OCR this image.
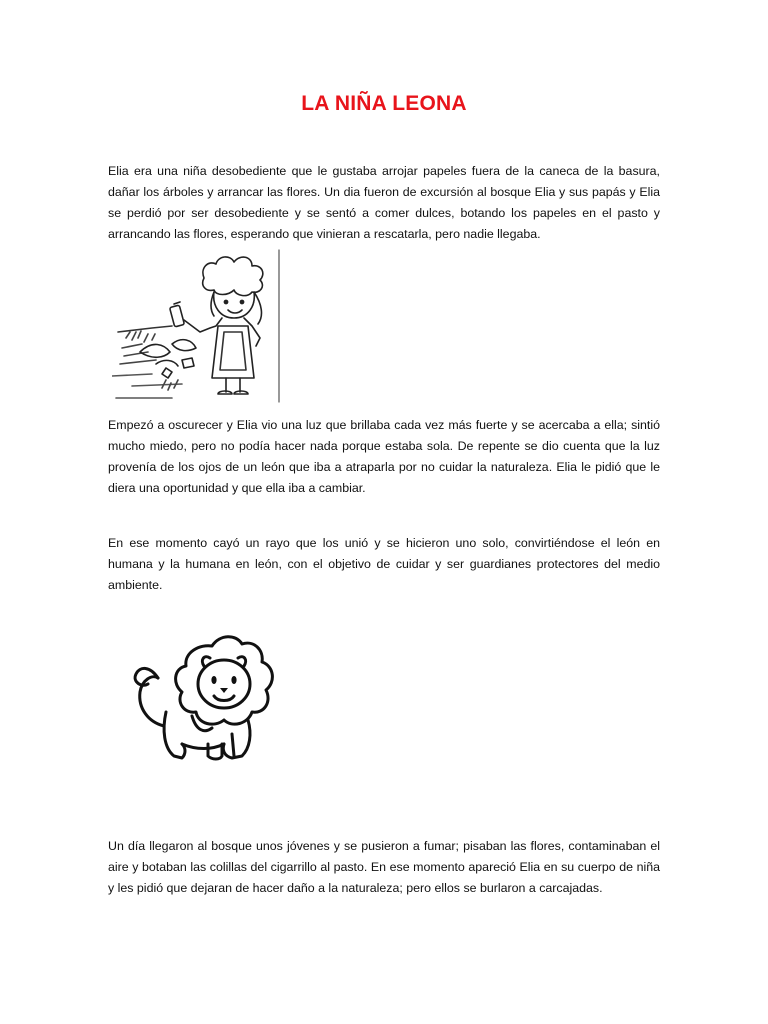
LA NIÑA LEONA

Elia era una niña desobediente que le gustaba arrojar papeles fuera de la caneca de la basura, dañar los árboles y arrancar las flores. Un dia fueron de excursión al bosque Elia y sus papás y Elia se perdió por ser desobediente y se sentó a comer dulces, botando los papeles en el pasto y arrancando las flores, esperando que vinieran a rescatarla, pero nadie llegaba.

Empezó a oscurecer y Elia vio una luz que brillaba cada vez más fuerte y se acercaba a ella; sintió mucho miedo, pero no podía hacer nada porque estaba sola. De repente se dio cuenta que la luz provenía de los ojos de un león que iba a atraparla por no cuidar la naturaleza. Elia le pidió que le diera una oportunidad y que ella iba a cambiar.

En ese momento cayó un rayo que los unió y se hicieron uno solo, convirtiéndose el león en humana y la humana en león, con el objetivo de cuidar y ser guardianes protectores del medio ambiente.

Un día llegaron al bosque unos jóvenes y se pusieron a fumar; pisaban las flores, contaminaban el aire y botaban las colillas del cigarrillo al pasto. En ese momento apareció Elia en su cuerpo de niña y les pidió que dejaran de hacer daño a la naturaleza; pero ellos se burlaron a carcajadas.
